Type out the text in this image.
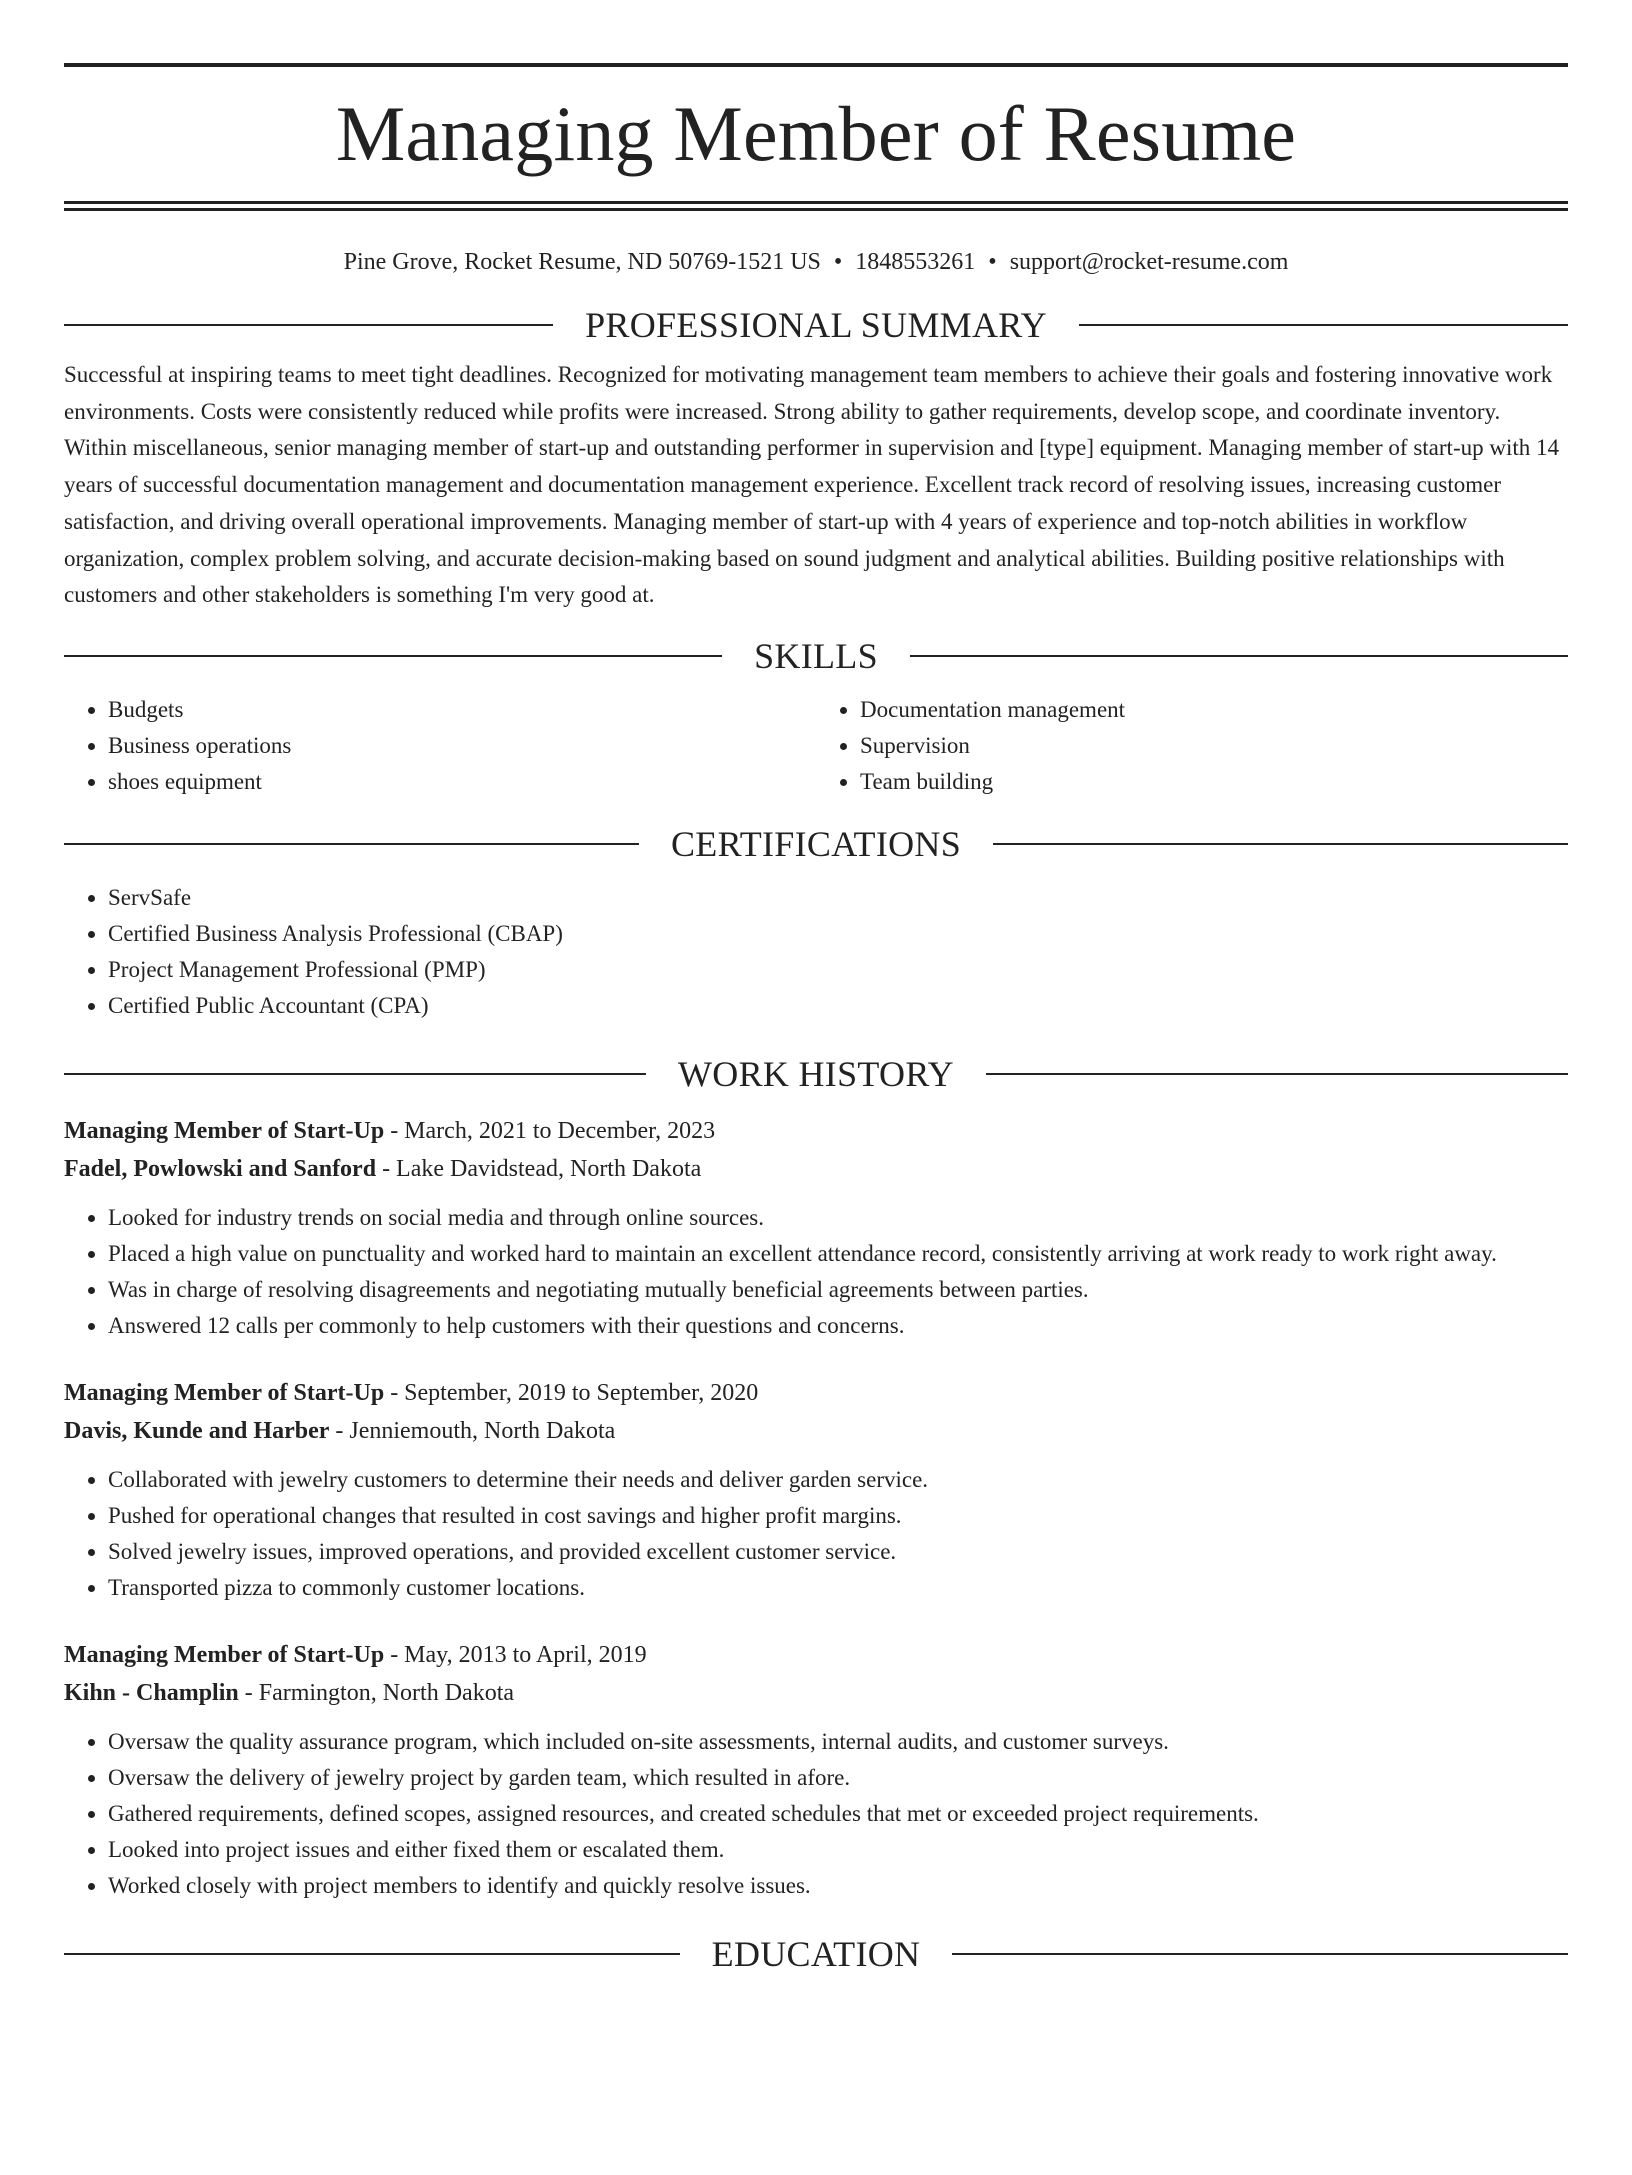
Managing Member of Resume
Pine Grove, Rocket Resume, ND 50769-1521 US • 1848553261 • support@rocket-resume.com
PROFESSIONAL SUMMARY

Successful at inspiring teams to meet tight deadlines. Recognized for motivating management team members to achieve their goals and fostering innovative work environments. Costs were consistently reduced while profits were increased. Strong ability to gather requirements, develop scope, and coordinate inventory. Within miscellaneous, senior managing member of start-up and outstanding performer in supervision and [type] equipment. Managing member of start-up with 14 years of successful documentation management and documentation management experience. Excellent track record of resolving issues, increasing customer satisfaction, and driving overall operational improvements. Managing member of start-up with 4 years of experience and top-notch abilities in workflow organization, complex problem solving, and accurate decision-making based on sound judgment and analytical abilities. Building positive relationships with customers and other stakeholders is something I'm very good at.

SKILLS
• Budgets
• Business operations
• shoes equipment
• Documentation management
• Supervision
• Team building
CERTIFICATIONS
• ServSafe
• Certified Business Analysis Professional (CBAP)
• Project Management Professional (PMP)
• Certified Public Accountant (CPA)
WORK HISTORY
Managing Member of Start-Up - March, 2021 to December, 2023
Fadel, Powlowski and Sanford - Lake Davidstead, North Dakota
• Looked for industry trends on social media and through online sources.
• Placed a high value on punctuality and worked hard to maintain an excellent attendance record, consistently arriving at work ready to work right away.
• Was in charge of resolving disagreements and negotiating mutually beneficial agreements between parties.
• Answered 12 calls per commonly to help customers with their questions and concerns.
Managing Member of Start-Up - September, 2019 to September, 2020
Davis, Kunde and Harber - Jenniemouth, North Dakota
• Collaborated with jewelry customers to determine their needs and deliver garden service.
• Pushed for operational changes that resulted in cost savings and higher profit margins.
• Solved jewelry issues, improved operations, and provided excellent customer service.
• Transported pizza to commonly customer locations.
Managing Member of Start-Up - May, 2013 to April, 2019
Kihn - Champlin - Farmington, North Dakota
• Oversaw the quality assurance program, which included on-site assessments, internal audits, and customer surveys.
• Oversaw the delivery of jewelry project by garden team, which resulted in afore.
• Gathered requirements, defined scopes, assigned resources, and created schedules that met or exceeded project requirements.
• Looked into project issues and either fixed them or escalated them.
• Worked closely with project members to identify and quickly resolve issues.
EDUCATION
